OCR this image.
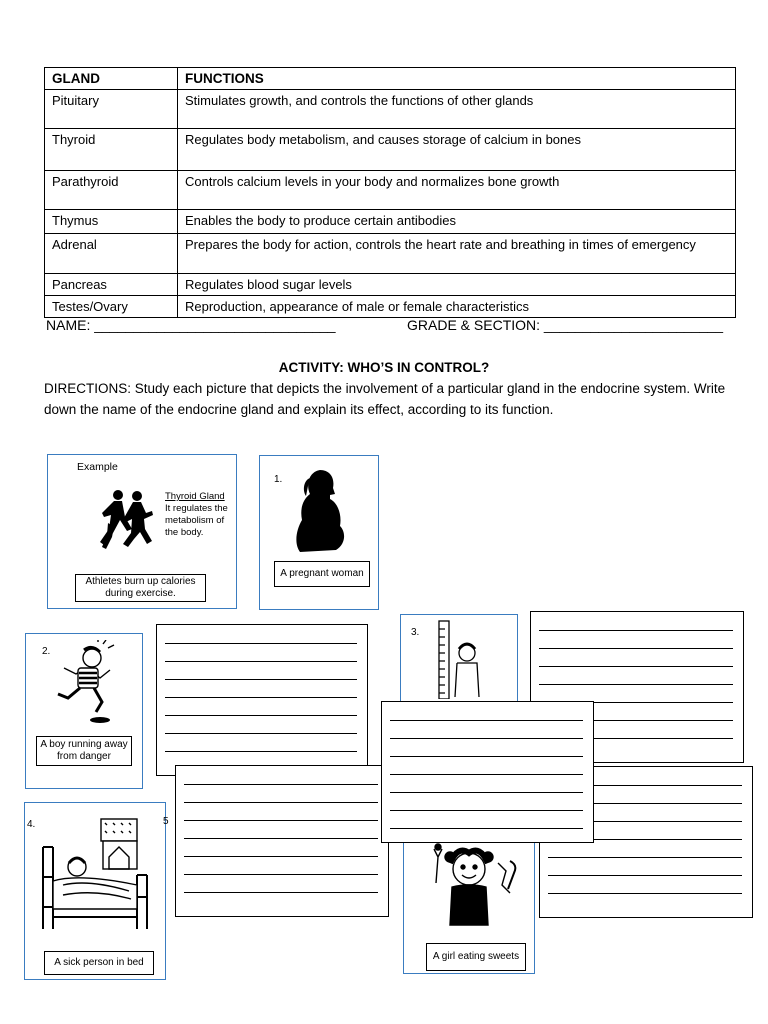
GLAND	FUNCTIONS
Pituitary	Stimulates growth, and controls the functions of other glands
Thyroid	Regulates body metabolism, and causes storage of calcium in bones
Parathyroid	Controls calcium levels in your body and normalizes bone growth
Thymus	Enables the body to produce certain antibodies
Adrenal	Prepares the body for action, controls the heart rate and breathing in times of emergency
Pancreas	Regulates blood sugar levels
Testes/Ovary	Reproduction, appearance of male or female characteristics
NAME: _______________________________	GRADE & SECTION: _______________________
ACTIVITY: WHO’S IN CONTROL?
DIRECTIONS: Study each picture that depicts the involvement of a particular gland in the endocrine system. Write down the name of the endocrine gland and explain its effect, according to its function.
Example
Thyroid Gland
It regulates the metabolism of the body.
Athletes burn up calories during exercise.
1.
A pregnant woman
2.
A boy running away from danger
3.
4.
A sick person in bed
A girl eating sweets
5
